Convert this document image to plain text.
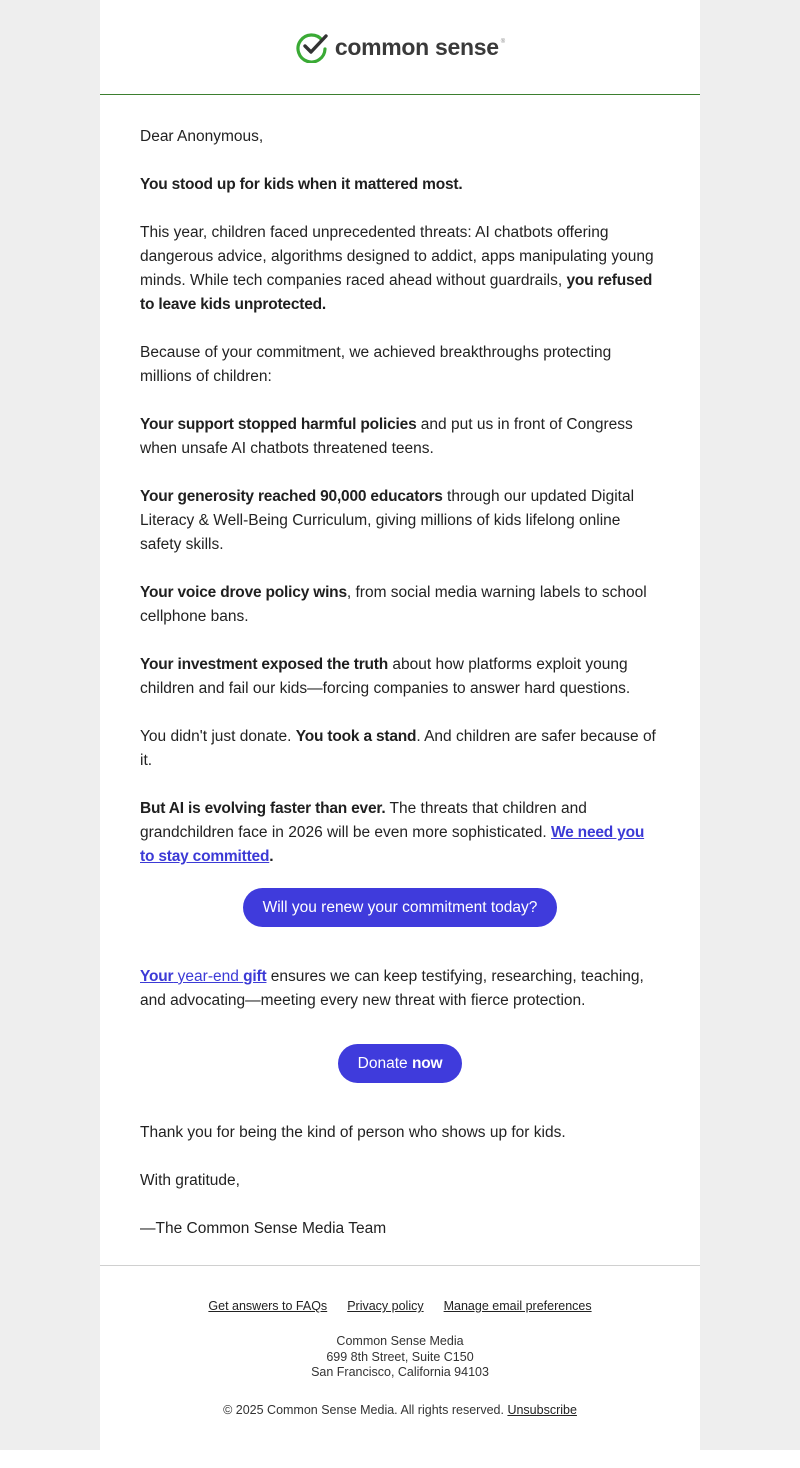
common sense ®

Dear Anonymous,

You stood up for kids when it mattered most.

This year, children faced unprecedented threats: AI chatbots offering dangerous advice, algorithms designed to addict, apps manipulating young minds. While tech companies raced ahead without guardrails, you refused to leave kids unprotected.

Because of your commitment, we achieved breakthroughs protecting millions of children:

Your support stopped harmful policies and put us in front of Congress when unsafe AI chatbots threatened teens.

Your generosity reached 90,000 educators through our updated Digital Literacy & Well-Being Curriculum, giving millions of kids lifelong online safety skills.

Your voice drove policy wins, from social media warning labels to school cellphone bans.

Your investment exposed the truth about how platforms exploit young children and fail our kids—forcing companies to answer hard questions.

You didn't just donate. You took a stand. And children are safer because of it.

But AI is evolving faster than ever. The threats that children and grandchildren face in 2026 will be even more sophisticated. We need you to stay committed.

Will you renew your commitment today?

Your year-end gift ensures we can keep testifying, researching, teaching, and advocating—meeting every new threat with fierce protection.

Donate now

Thank you for being the kind of person who shows up for kids.

With gratitude,

—The Common Sense Media Team

Get answers to FAQs Privacy policy Manage email preferences
Common Sense Media
699 8th Street, Suite C150
San Francisco, California 94103
© 2025 Common Sense Media. All rights reserved. Unsubscribe
